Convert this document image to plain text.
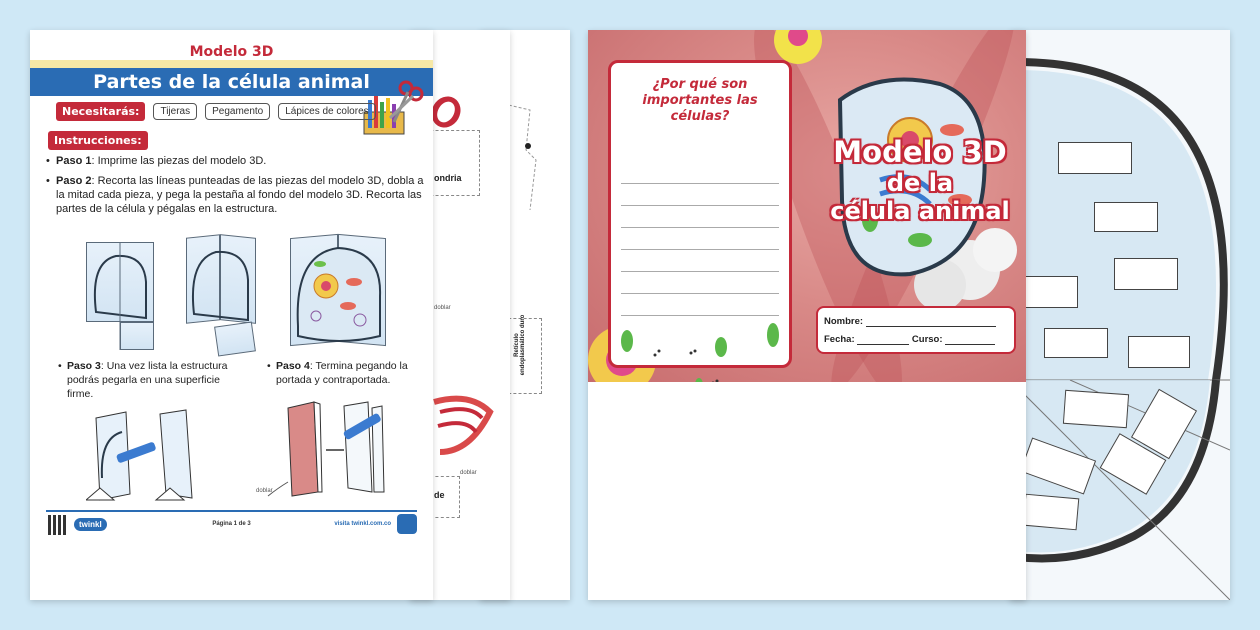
Modelo 3D
Partes de la célula animal
Necesitarás:	Tijeras	Pegamento	Lápices de colores
Instrucciones:
• Paso 1: Imprime las piezas del modelo 3D.
• Paso 2: Recorta las líneas punteadas de las piezas del modelo 3D, dobla a la mitad cada pieza, y pega la pestaña al fondo del modelo 3D. Recorta las partes de la célula y pégalas en la estructura.
• Paso 3: Una vez lista la estructura podrás pegarla en una superficie firme.
• Paso 4: Termina pegando la portada y contraportada.
doblar
twinkl	Página 1 de 3	visita twinkl.com.co
Retículo endoplasmático duro
ondria
doblar
de
doblar
Modelo 3D
de la
célula animal
¿Por qué son importantes las células?
Nombre:
Fecha:	Curso:
